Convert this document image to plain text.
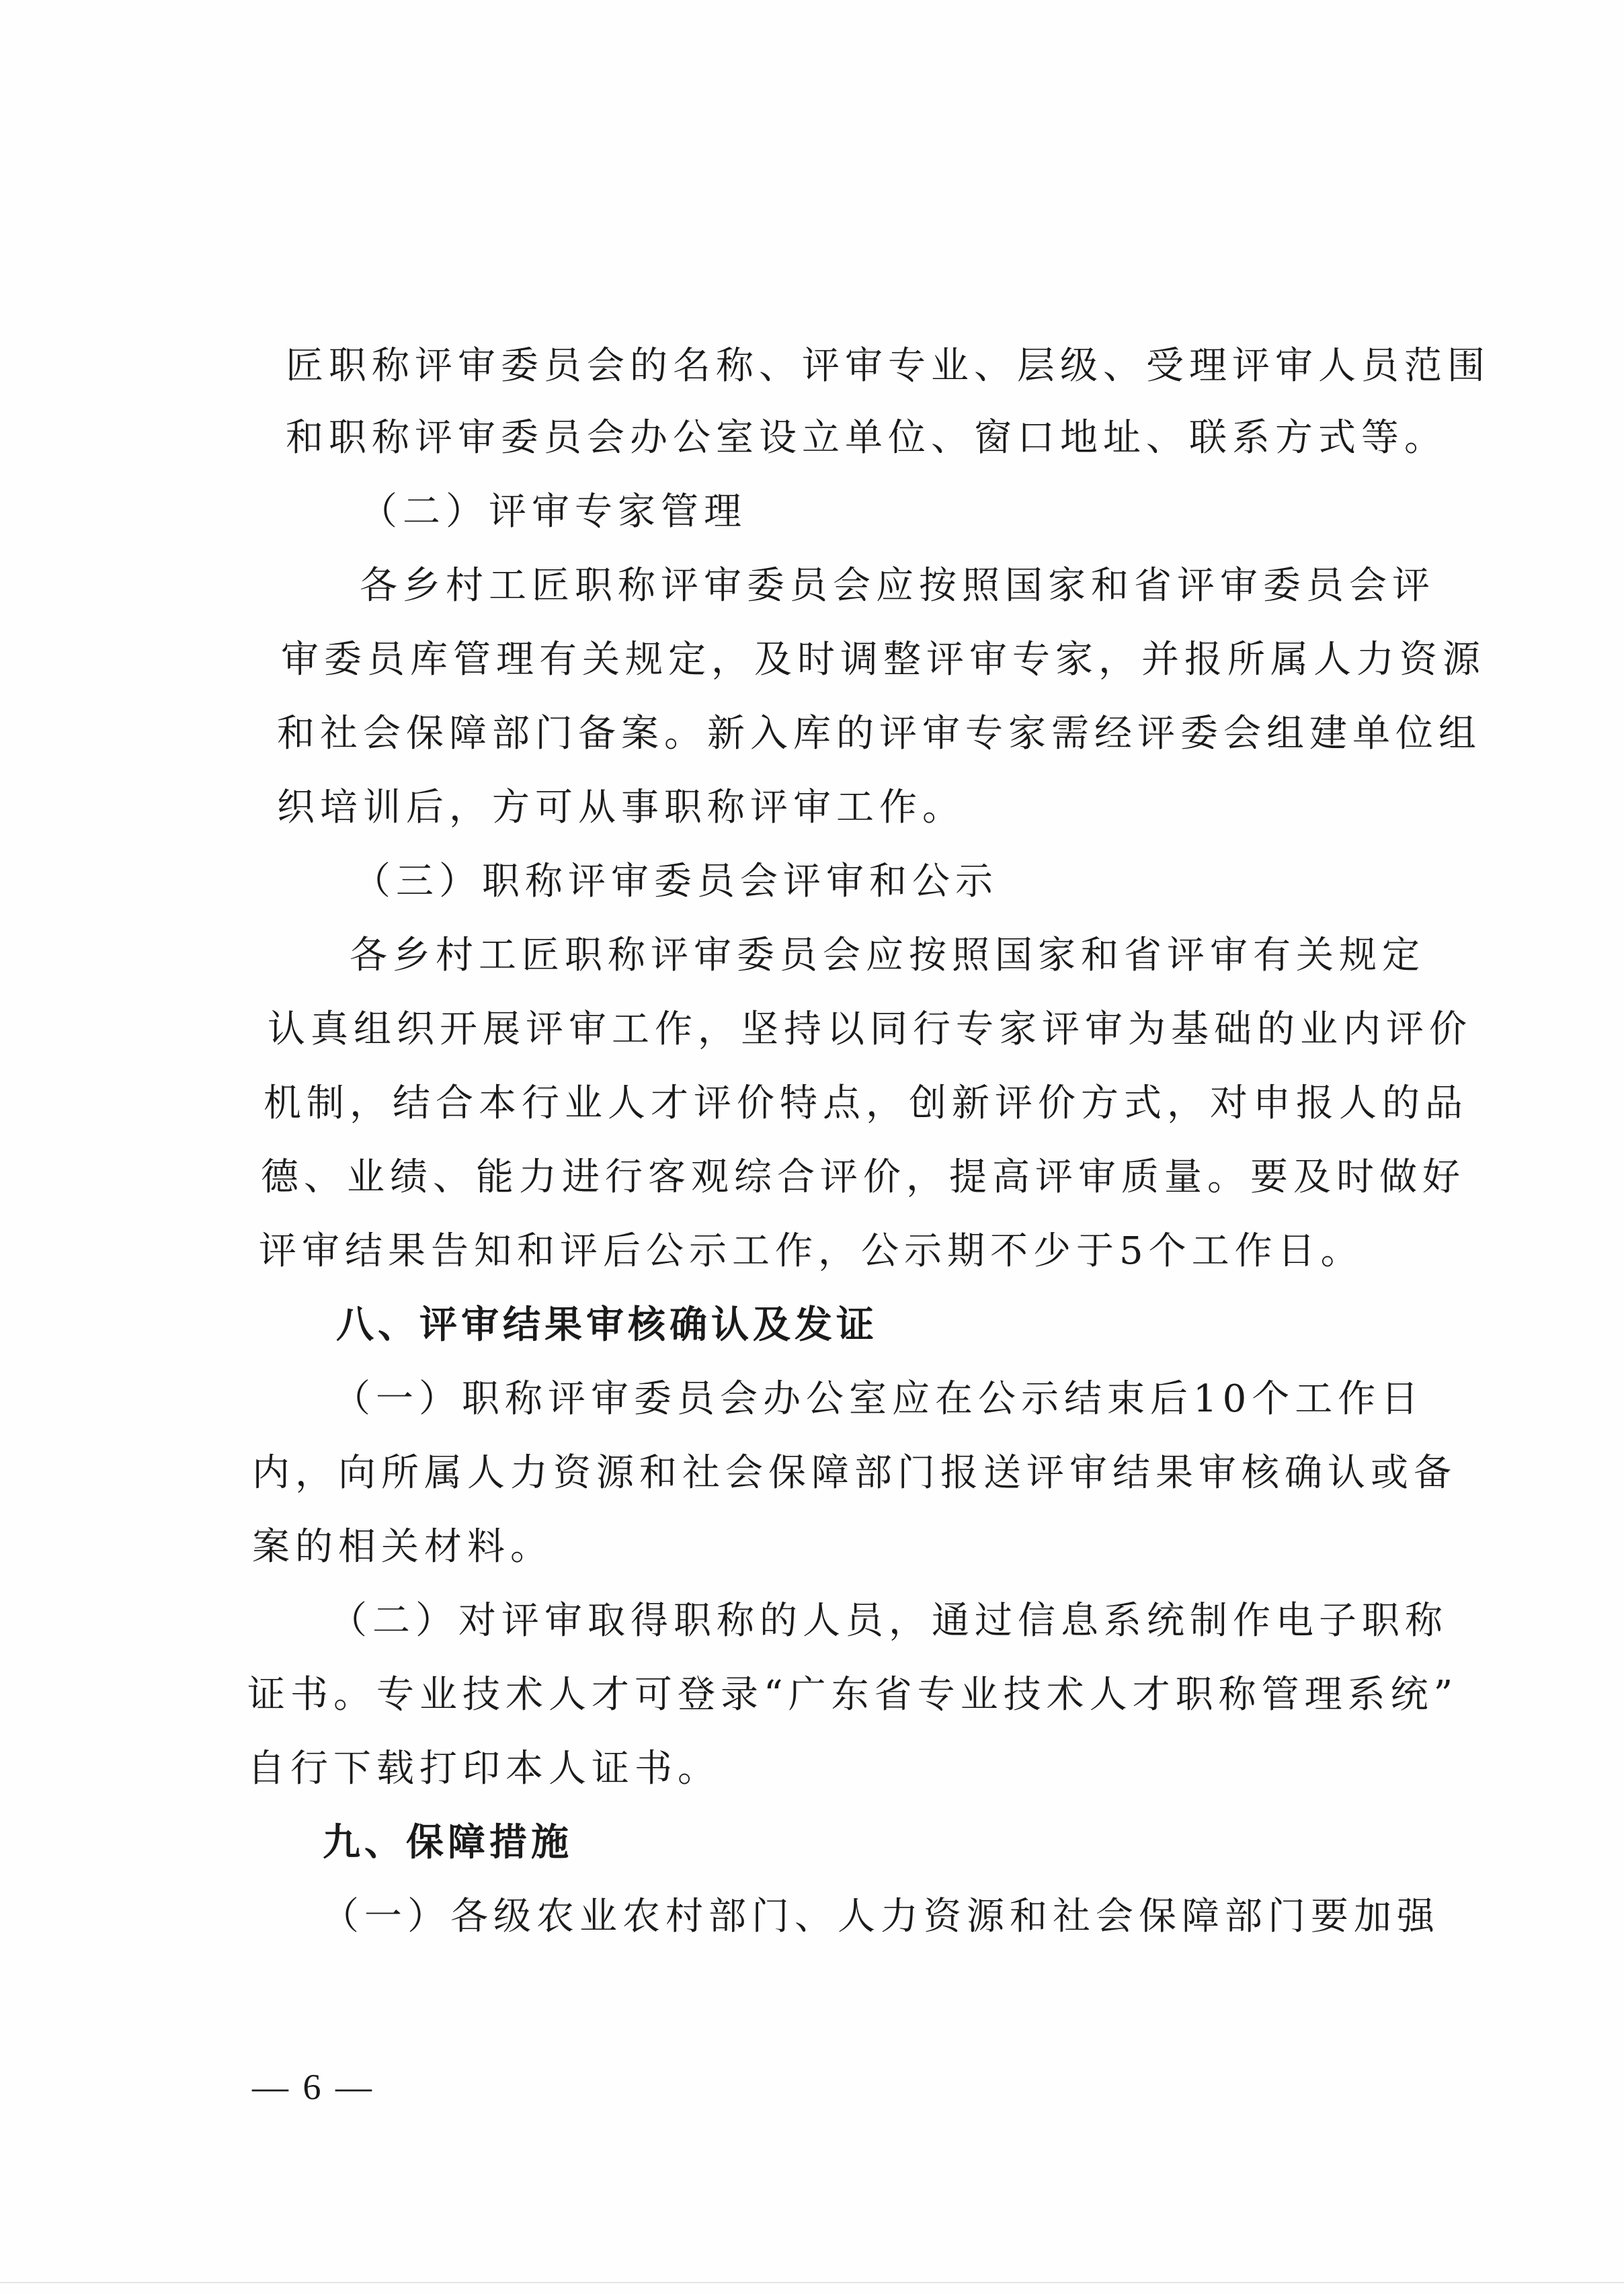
匠职称评审委员会的名称、评审专业、层级、受理评审人员范围
和职称评审委员会办公室设立单位、窗口地址、联系方式等。
（二）评审专家管理
各乡村工匠职称评审委员会应按照国家和省评审委员会评
审委员库管理有关规定，及时调整评审专家，并报所属人力资源
和社会保障部门备案。新入库的评审专家需经评委会组建单位组
织培训后，方可从事职称评审工作。
（三）职称评审委员会评审和公示
各乡村工匠职称评审委员会应按照国家和省评审有关规定
认真组织开展评审工作，坚持以同行专家评审为基础的业内评价
机制，结合本行业人才评价特点，创新评价方式，对申报人的品
德、业绩、能力进行客观综合评价，提高评审质量。要及时做好
评审结果告知和评后公示工作，公示期不少于5个工作日。
八、评审结果审核确认及发证
（一）职称评审委员会办公室应在公示结束后10个工作日
内，向所属人力资源和社会保障部门报送评审结果审核确认或备
案的相关材料。
（二）对评审取得职称的人员，通过信息系统制作电子职称
证书。专业技术人才可登录“广东省专业技术人才职称管理系统”
自行下载打印本人证书。
九、保障措施
（一）各级农业农村部门、人力资源和社会保障部门要加强
— 6 —
